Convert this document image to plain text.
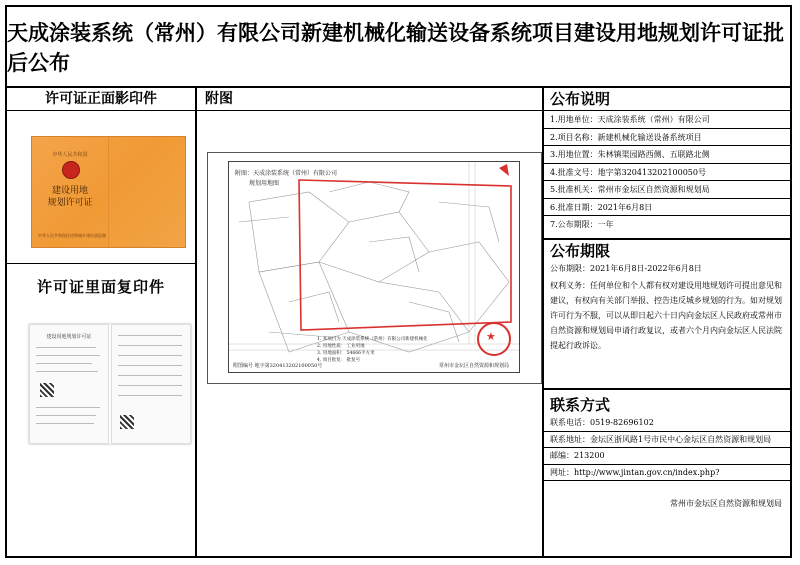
天成涂装系统（常州）有限公司新建机械化输送设备系统项目建设用地规划许可证批后公布
许可证正面影印件
中华人民共和国
建设用地
规划许可证
中华人民共和国住房和城乡建设部监制
许可证里面复印件
建设用地规划许可证
附图
附图：天成涂装系统（常州）有限公司
规划用地图
1. 本项目为 天成涂装系统（常州）有限公司新建机械化
2. 用地性质： 工业用地
3. 用地面积： 54666平方米
4. 项目批复： 批复号
附图编号 地字第320413202100050号	常州市金坛区自然资源和规划局
★
公布说明
1.用地单位：天成涂装系统（常州）有限公司
2.项目名称：新建机械化输送设备系统项目
3.用地位置：朱林镇渠园路西侧、五联路北侧
4.批准文号：地字第320413202100050号
5.批准机关：常州市金坛区自然资源和规划局
6.批准日期：2021年6月8日
7.公布期限：一年
公布期限
公布期限：2021年6月8日-2022年6月8日
权利义务：任何单位和个人都有权对建设用地规划许可提出意见和建议，有权向有关部门举报、控告违反城乡规划的行为。如对规划许可行为不服，可以从即日起六十日内向金坛区人民政府或常州市自然资源和规划局申请行政复议，或者六个月内向金坛区人民法院提起行政诉讼。
联系方式
联系电话：0519-82696102
联系地址：金坛区浙风路1号市民中心金坛区自然资源和规划局
邮编：213200
网址：http://www.jintan.gov.cn/index.php?
常州市金坛区自然资源和规划局
